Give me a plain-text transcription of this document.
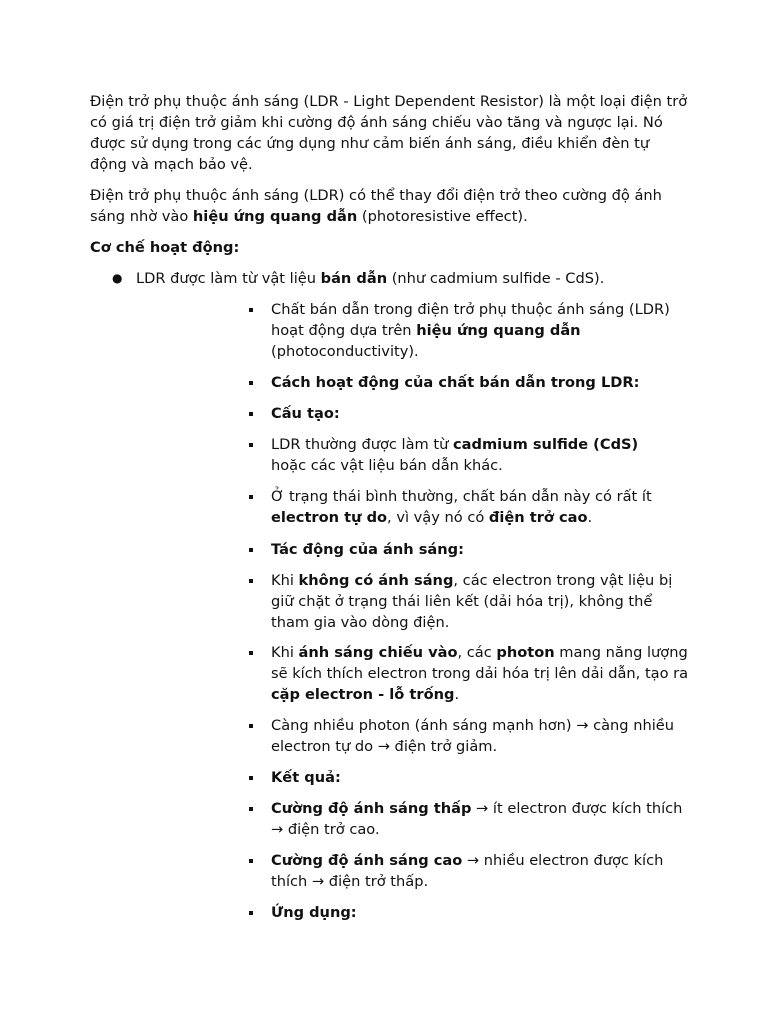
Điện trở phụ thuộc ánh sáng (LDR - Light Dependent Resistor) là một loại điện trở có giá trị điện trở giảm khi cường độ ánh sáng chiếu vào tăng và ngược lại. Nó được sử dụng trong các ứng dụng như cảm biến ánh sáng, điều khiển đèn tự động và mạch bảo vệ.

Điện trở phụ thuộc ánh sáng (LDR) có thể thay đổi điện trở theo cường độ ánh sáng nhờ vào hiệu ứng quang dẫn (photoresistive effect).

Cơ chế hoạt động:

● LDR được làm từ vật liệu bán dẫn (như cadmium sulfide - CdS).

Chất bán dẫn trong điện trở phụ thuộc ánh sáng (LDR) hoạt động dựa trên hiệu ứng quang dẫn
(photoconductivity).

Cách hoạt động của chất bán dẫn trong LDR:

Cấu tạo:

LDR thường được làm từ cadmium sulfide (CdS)
hoặc các vật liệu bán dẫn khác.

Ở trạng thái bình thường, chất bán dẫn này có rất ít electron tự do, vì vậy nó có điện trở cao.

Tác động của ánh sáng:

Khi không có ánh sáng, các electron trong vật liệu bị giữ chặt ở trạng thái liên kết (dải hóa trị), không thể tham gia vào dòng điện.

Khi ánh sáng chiếu vào, các photon mang năng lượng sẽ kích thích electron trong dải hóa trị lên dải dẫn, tạo ra cặp electron - lỗ trống.

Càng nhiều photon (ánh sáng mạnh hơn) → càng nhiều electron tự do → điện trở giảm.

Kết quả:

Cường độ ánh sáng thấp → ít electron được kích thích → điện trở cao.

Cường độ ánh sáng cao → nhiều electron được kích thích → điện trở thấp.

Ứng dụng:
